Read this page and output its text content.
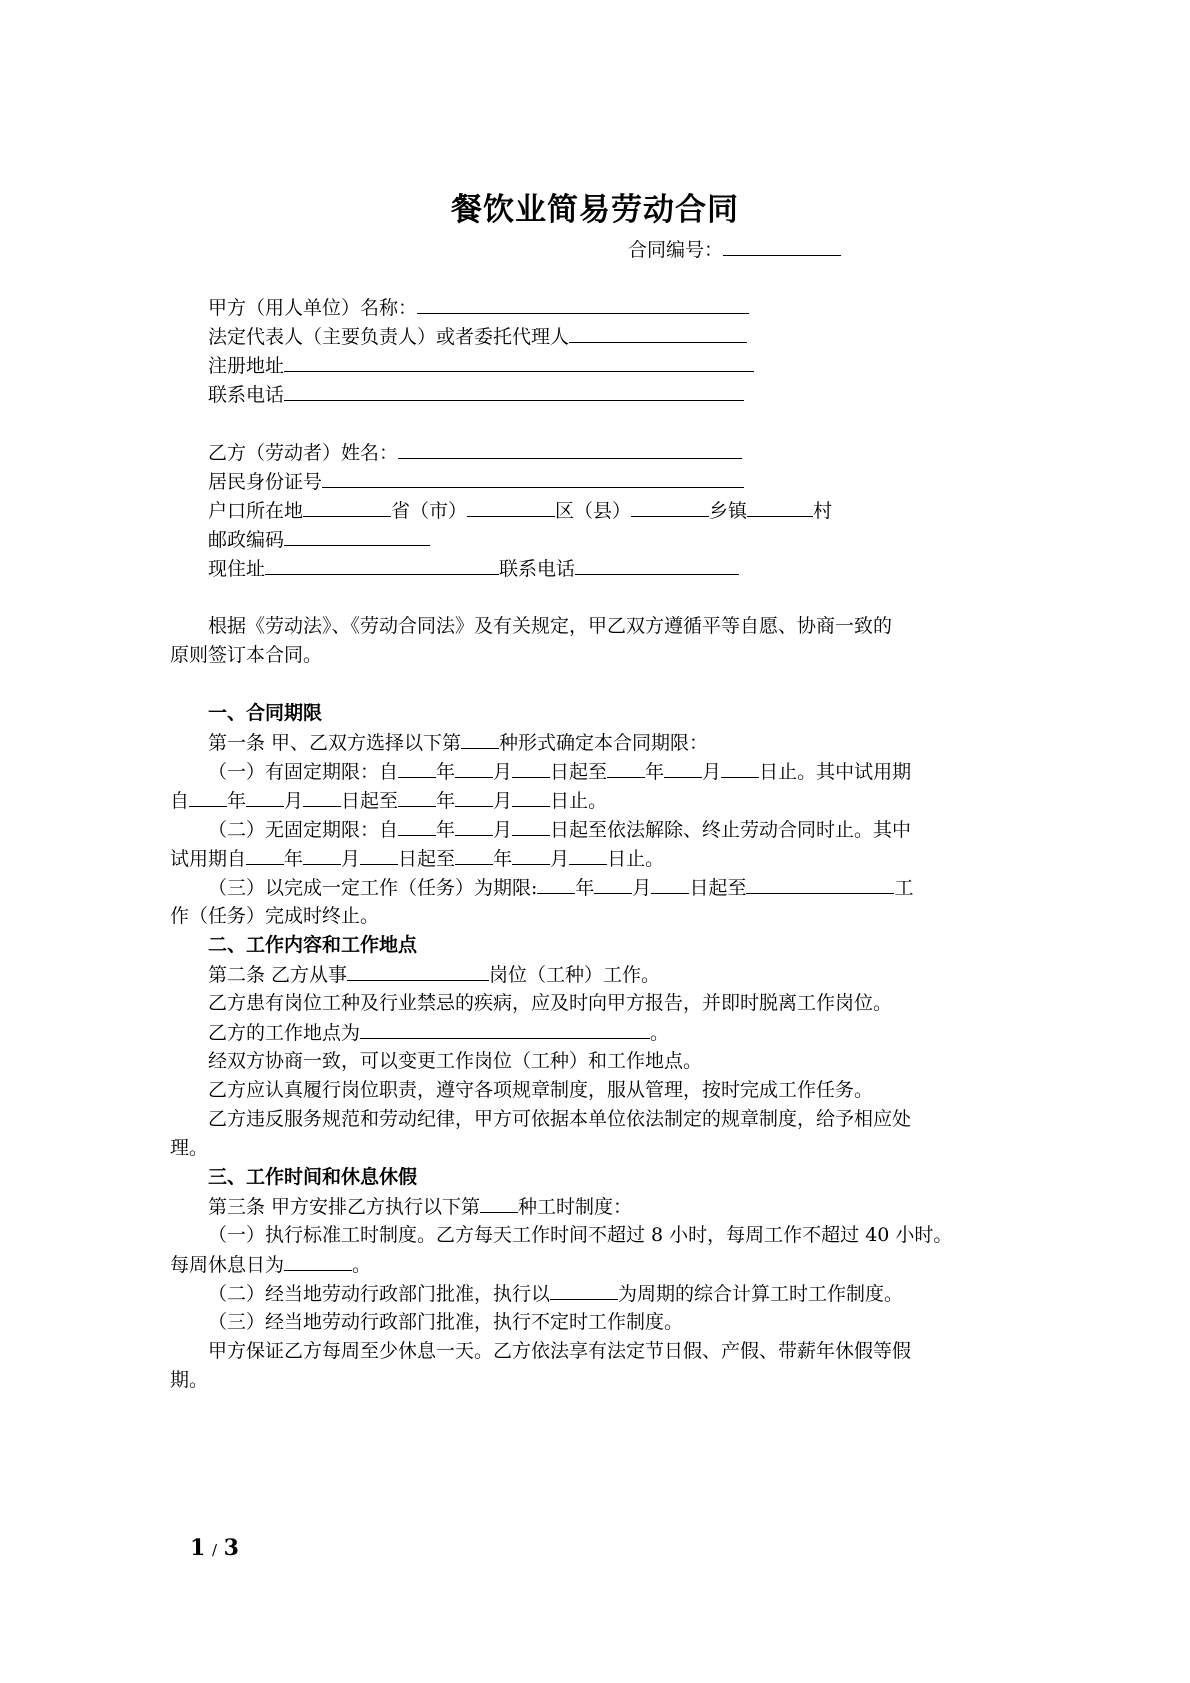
餐饮业简易劳动合同
合同编号：
甲方（用人单位）名称：
法定代表人（主要负责人）或者委托代理人
注册地址
联系电话
乙方（劳动者）姓名：
居民身份证号
户口所在地	省（市）	区（县）	乡镇	村
邮政编码
现住址	联系电话
根据《劳动法》、《劳动合同法》及有关规定，甲乙双方遵循平等自愿、协商一致的
原则签订本合同。
一、合同期限
第一条 甲、乙双方选择以下第 种形式确定本合同期限：
（一）有固定期限：自 年 月 日起至 年 月 日止。其中试用期
自 年 月 日起至 年 月 日止。
（二）无固定期限：自 年 月 日起至依法解除、终止劳动合同时止。其中
试用期自 年 月 日起至 年 月 日止。
（三）以完成一定工作（任务）为期限: 年 月 日起至	工
作（任务）完成时终止。
二、工作内容和工作地点
第二条 乙方从事	岗位（工种）工作。
乙方患有岗位工种及行业禁忌的疾病，应及时向甲方报告，并即时脱离工作岗位。
乙方的工作地点为	。
经双方协商一致，可以变更工作岗位（工种）和工作地点。
乙方应认真履行岗位职责，遵守各项规章制度，服从管理，按时完成工作任务。
乙方违反服务规范和劳动纪律，甲方可依据本单位依法制定的规章制度，给予相应处
理。
三、工作时间和休息休假
第三条 甲方安排乙方执行以下第 种工时制度：
（一）执行标准工时制度。乙方每天工作时间不超过 8 小时，每周工作不超过 40 小时。
每周休息日为	。
（二）经当地劳动行政部门批准，执行以	为周期的综合计算工时工作制度。
（三）经当地劳动行政部门批准，执行不定时工作制度。
甲方保证乙方每周至少休息一天。乙方依法享有法定节日假、产假、带薪年休假等假
期。
1 / 3
